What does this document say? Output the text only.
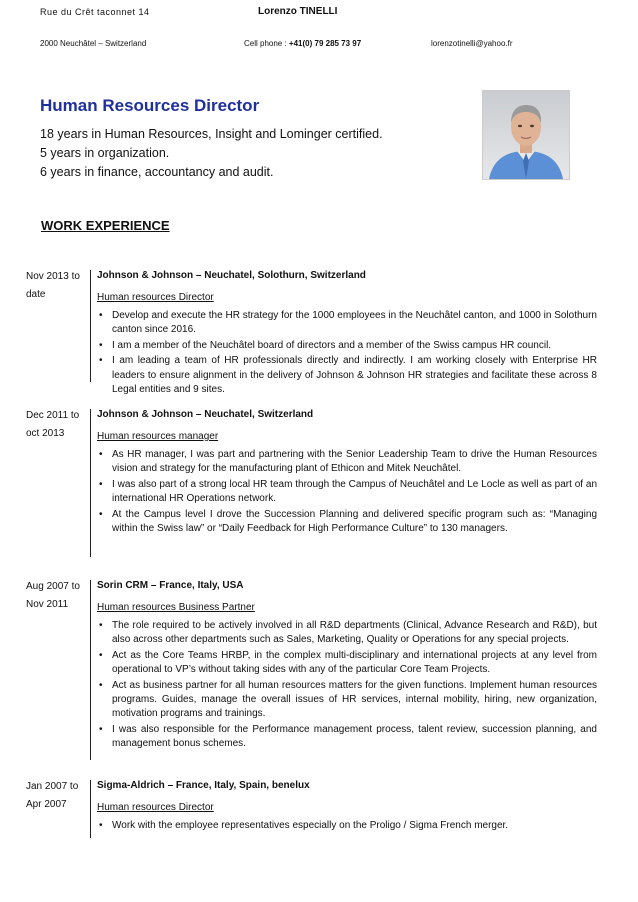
Rue du Crêt taconnet 14	Lorenzo TINELLI
2000 Neuchâtel – Switzerland	Cell phone : +41(0) 79 285 73 97	lorenzotinelli@yahoo.fr
Human Resources Director
18 years in Human Resources, Insight and Lominger certified.
5 years in organization.
6 years in finance, accountancy and audit.
WORK EXPERIENCE
Nov 2013 to
date
Johnson & Johnson – Neuchatel, Solothurn, Switzerland
Human resources Director
• Develop and execute the HR strategy for the 1000 employees in the Neuchâtel canton, and 1000 in Solothurn canton since 2016.
• I am a member of the Neuchâtel board of directors and a member of the Swiss campus HR council.
• I am leading a team of HR professionals directly and indirectly. I am working closely with Enterprise HR leaders to ensure alignment in the delivery of Johnson & Johnson HR strategies and facilitate these across 8 Legal entities and 9 sites.
Dec 2011 to
oct 2013
Johnson & Johnson – Neuchatel, Switzerland
Human resources manager
• As HR manager, I was part and partnering with the Senior Leadership Team to drive the Human Resources vision and strategy for the manufacturing plant of Ethicon and Mitek Neuchâtel.
• I was also part of a strong local HR team through the Campus of Neuchâtel and Le Locle as well as part of an international HR Operations network.
• At the Campus level I drove the Succession Planning and delivered specific program such as: “Managing within the Swiss law” or “Daily Feedback for High Performance Culture” to 130 managers.
Aug 2007 to
Nov 2011
Sorin CRM – France, Italy, USA
Human resources Business Partner
• The role required to be actively involved in all R&D departments (Clinical, Advance Research and R&D), but also across other departments such as Sales, Marketing, Quality or Operations for any special projects.
• Act as the Core Teams HRBP, in the complex multi-disciplinary and international projects at any level from operational to VP’s without taking sides with any of the particular Core Team Projects.
• Act as business partner for all human resources matters for the given functions. Implement human resources programs. Guides, manage the overall issues of HR services, internal mobility, hiring, new organization, motivation programs and trainings.
• I was also responsible for the Performance management process, talent review, succession planning, and management bonus schemes.
Jan 2007 to
Apr 2007
Sigma-Aldrich – France, Italy, Spain, benelux
Human resources Director
• Work with the employee representatives especially on the Proligo / Sigma French merger.
